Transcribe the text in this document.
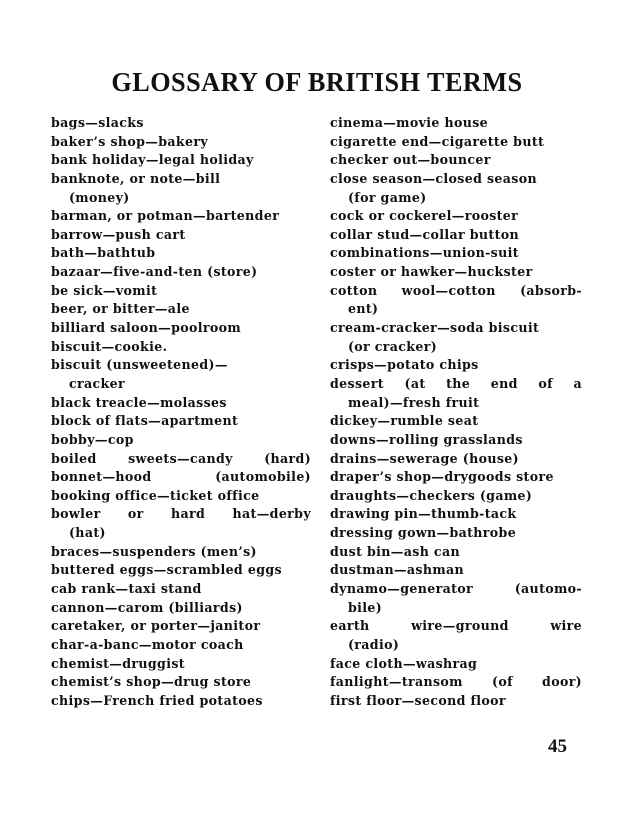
GLOSSARY OF BRITISH TERMS
bags—slacks
baker’s shop—bakery
bank holiday—legal holiday
banknote, or note—bill
(money)
barman, or potman—bartender
barrow—push cart
bath—bathtub
bazaar—five-and-ten (store)
be sick—vomit
beer, or bitter—ale
billiard saloon—poolroom
biscuit—cookie.
biscuit (unsweetened)—
cracker
black treacle—molasses
block of flats—apartment
bobby—cop
boiled sweets—candy (hard)
bonnet—hood (automobile)
booking office—ticket office
bowler or hard hat—derby
(hat)
braces—suspenders (men’s)
buttered eggs—scrambled eggs
cab rank—taxi stand
cannon—carom (billiards)
caretaker, or porter—janitor
char-a-banc—motor coach
chemist—druggist
chemist’s shop—drug store
chips—French fried potatoes
cinema—movie house
cigarette end—cigarette butt
checker out—bouncer
close season—closed season
(for game)
cock or cockerel—rooster
collar stud—collar button
combinations—union-suit
coster or hawker—huckster
cotton wool—cotton (absorb-
ent)
cream-cracker—soda biscuit
(or cracker)
crisps—potato chips
dessert (at the end of a
meal)—fresh fruit
dickey—rumble seat
downs—rolling grasslands
drains—sewerage (house)
draper’s shop—drygoods store
draughts—checkers (game)
drawing pin—thumb-tack
dressing gown—bathrobe
dust bin—ash can
dustman—ashman
dynamo—generator (automo-
bile)
earth wire—ground wire
(radio)
face cloth—washrag
fanlight—transom (of door)
first floor—second floor
45
